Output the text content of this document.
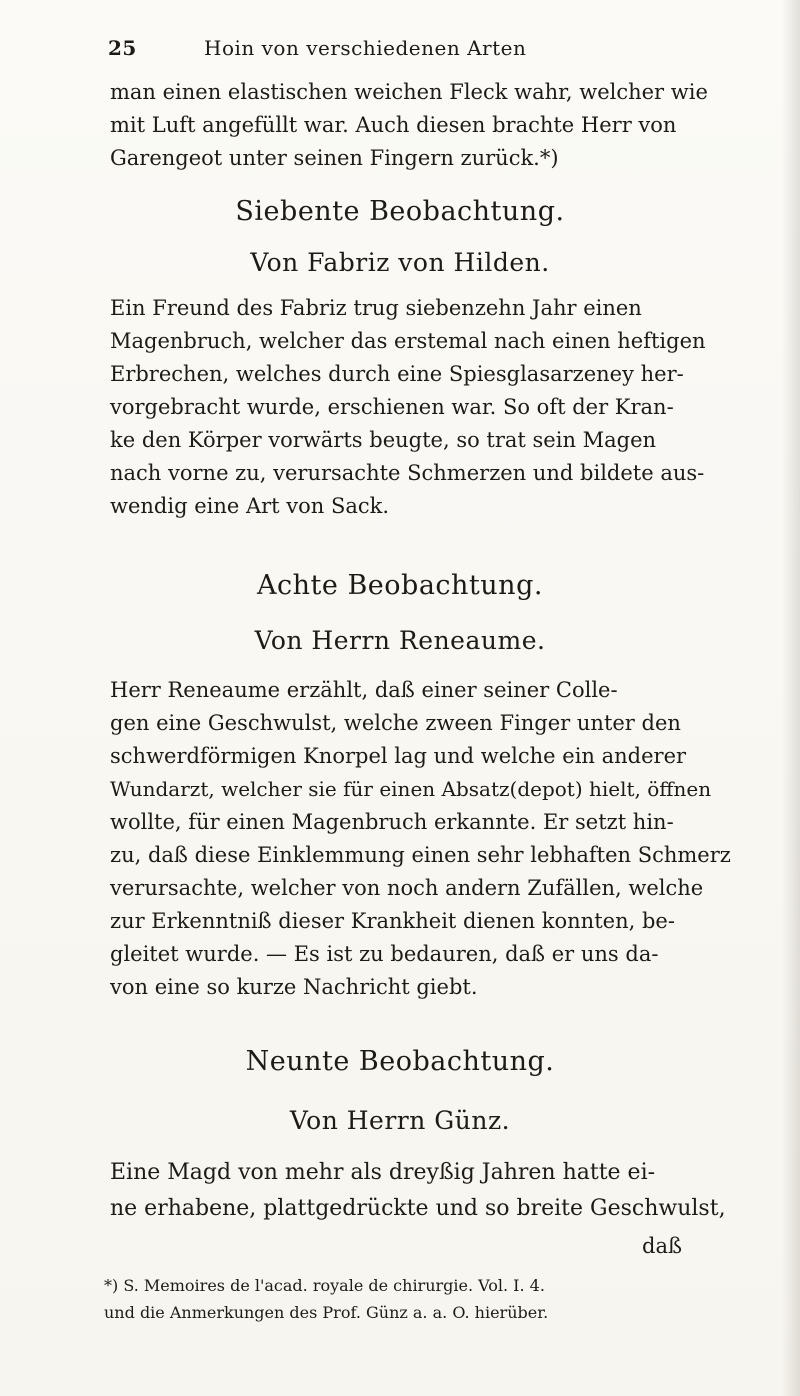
25	Hoin von verschiedenen Arten
man einen elastischen weichen Fleck wahr, welcher wie
mit Luft angefüllt war. Auch diesen brachte Herr von
Garengeot unter seinen Fingern zurück.*)
Siebente Beobachtung.
Von Fabriz von Hilden.
Ein Freund des Fabriz trug siebenzehn Jahr einen
Magenbruch, welcher das erstemal nach einen heftigen
Erbrechen, welches durch eine Spiesglasarzeney her-
vorgebracht wurde, erschienen war. So oft der Kran-
ke den Körper vorwärts beugte, so trat sein Magen
nach vorne zu, verursachte Schmerzen und bildete aus-
wendig eine Art von Sack.
Achte Beobachtung.
Von Herrn Reneaume.
Herr Reneaume erzählt, daß einer seiner Colle-
gen eine Geschwulst, welche zween Finger unter den
schwerdförmigen Knorpel lag und welche ein anderer
Wundarzt, welcher sie für einen Absatz(depot) hielt, öffnen
wollte, für einen Magenbruch erkannte. Er setzt hin-
zu, daß diese Einklemmung einen sehr lebhaften Schmerz
verursachte, welcher von noch andern Zufällen, welche
zur Erkenntniß dieser Krankheit dienen konnten, be-
gleitet wurde. — Es ist zu bedauren, daß er uns da-
von eine so kurze Nachricht giebt.
Neunte Beobachtung.
Von Herrn Günz.
Eine Magd von mehr als dreyßig Jahren hatte ei-
ne erhabene, plattgedrückte und so breite Geschwulst,
daß
*) S. Memoires de l'acad. royale de chirurgie. Vol. I. 4.
und die Anmerkungen des Prof. Günz a. a. O. hierüber.
